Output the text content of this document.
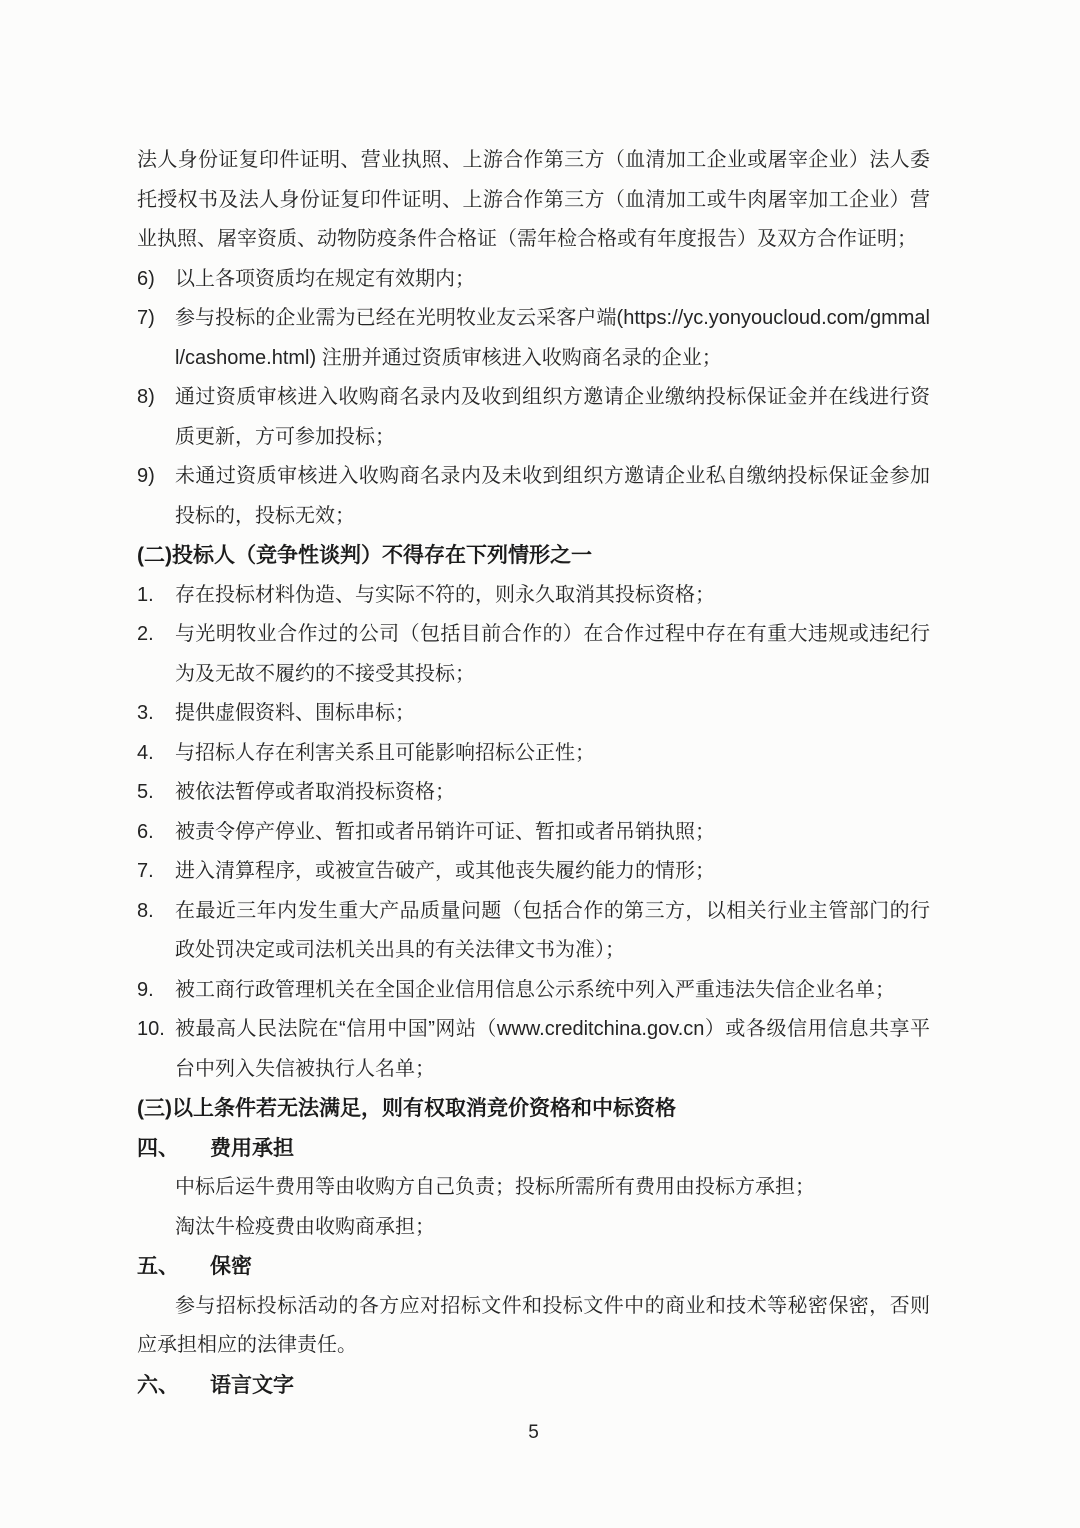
法人身份证复印件证明、营业执照、上游合作第三方（血清加工企业或屠宰企业）法人委托授权书及法人身份证复印件证明、上游合作第三方（血清加工或牛肉屠宰加工企业）营业执照、屠宰资质、动物防疫条件合格证（需年检合格或有年度报告）及双方合作证明；

6) 以上各项资质均在规定有效期内；
7) 参与投标的企业需为已经在光明牧业友云采客户端(https://yc.yonyoucloud.com/gmmall/cashome.html) 注册并通过资质审核进入收购商名录的企业；
8) 通过资质审核进入收购商名录内及收到组织方邀请企业缴纳投标保证金并在线进行资质更新，方可参加投标；
9) 未通过资质审核进入收购商名录内及未收到组织方邀请企业私自缴纳投标保证金参加投标的，投标无效；

(二)投标人（竞争性谈判）不得存在下列情形之一

1. 存在投标材料伪造、与实际不符的，则永久取消其投标资格；
2. 与光明牧业合作过的公司（包括目前合作的）在合作过程中存在有重大违规或违纪行为及无故不履约的不接受其投标；
3. 提供虚假资料、围标串标；
4. 与招标人存在利害关系且可能影响招标公正性；
5. 被依法暂停或者取消投标资格；
6. 被责令停产停业、暂扣或者吊销许可证、暂扣或者吊销执照；
7. 进入清算程序，或被宣告破产，或其他丧失履约能力的情形；
8. 在最近三年内发生重大产品质量问题（包括合作的第三方，以相关行业主管部门的行政处罚决定或司法机关出具的有关法律文书为准）；
9. 被工商行政管理机关在全国企业信用信息公示系统中列入严重违法失信企业名单；
10. 被最高人民法院在“信用中国”网站（www.creditchina.gov.cn）或各级信用信息共享平台中列入失信被执行人名单；

(三)以上条件若无法满足，则有权取消竞价资格和中标资格

四、	费用承担

中标后运牛费用等由收购方自己负责；投标所需所有费用由投标方承担；

淘汰牛检疫费由收购商承担；

五、	保密

参与招标投标活动的各方应对招标文件和投标文件中的商业和技术等秘密保密，否则应承担相应的法律责任。

六、	语言文字
5
